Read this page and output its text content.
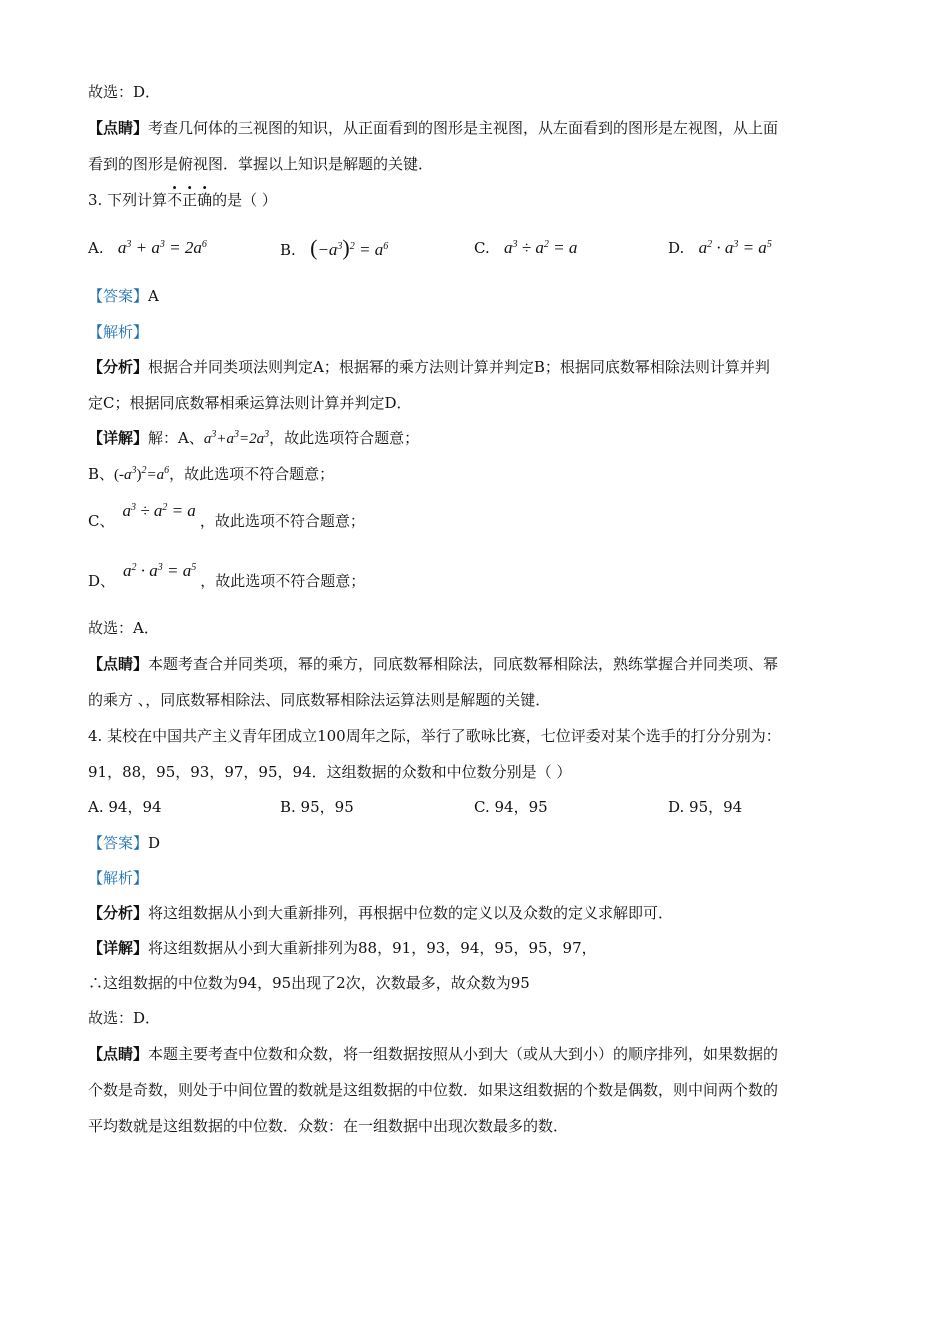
故选：D．
【点睛】考查几何体的三视图的知识，从正面看到的图形是主视图，从左面看到的图形是左视图，从上面
看到的图形是俯视图．掌握以上知识是解题的关键．
3. 下列计算不正确的是（ ）
A. $a^3 + a^3 = 2a^6$	B. $(-a^3)^2 = a^6$	C. $a^3 \div a^2 = a$	D. $a^2 \cdot a^3 = a^5$
【答案】A
【解析】
【分析】根据合并同类项法则判定A；根据幂的乘方法则计算并判定B；根据同底数幂相除法则计算并判
定C；根据同底数幂相乘运算法则计算并判定D．
【详解】解：A、$a^3+a^3=2a^3$，故此选项符合题意；
B、$(-a^3)^2=a^6$，故此选项不符合题意；
C、$a^3 \div a^2 = a$，故此选项不符合题意；
D、$a^2 \cdot a^3 = a^5$，故此选项不符合题意；
故选：A．
【点睛】本题考查合并同类项，幂的乘方，同底数幂相除法，同底数幂相除法，熟练掌握合并同类项、幂
的乘方 、，同底数幂相除法、同底数幂相除法运算法则是解题的关键．
4. 某校在中国共产主义青年团成立100周年之际，举行了歌咏比赛，七位评委对某个选手的打分分别为：
91，88，95，93，97，95，94．这组数据的众数和中位数分别是（ ）
A. 94，94	B. 95，95	C. 94，95	D. 95，94
【答案】D
【解析】
【分析】将这组数据从小到大重新排列，再根据中位数的定义以及众数的定义求解即可．
【详解】将这组数据从小到大重新排列为88，91，93，94，95，95，97，
∴这组数据的中位数为94，95出现了2次，次数最多，故众数为95
故选：D．
【点睛】本题主要考查中位数和众数，将一组数据按照从小到大（或从大到小）的顺序排列，如果数据的
个数是奇数，则处于中间位置的数就是这组数据的中位数．如果这组数据的个数是偶数，则中间两个数的
平均数就是这组数据的中位数．众数：在一组数据中出现次数最多的数．
